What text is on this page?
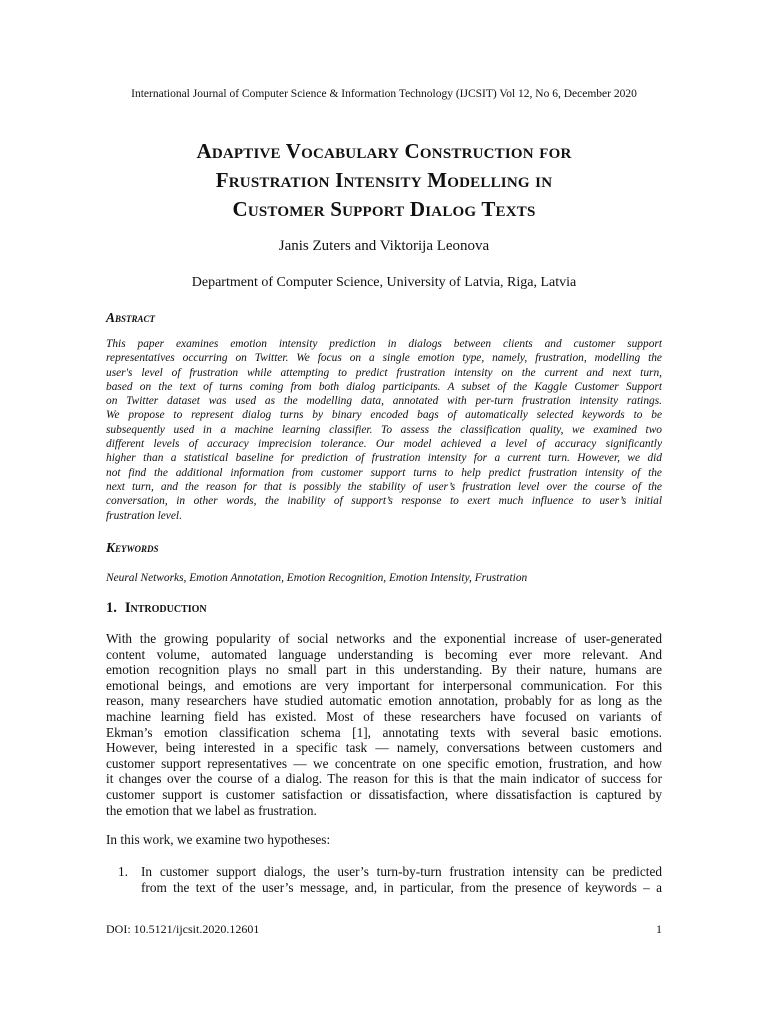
International Journal of Computer Science & Information Technology (IJCSIT) Vol 12, No 6, December 2020
Adaptive Vocabulary Construction for
Frustration Intensity Modelling in
Customer Support Dialog Texts
Janis Zuters and Viktorija Leonova
Department of Computer Science, University of Latvia, Riga, Latvia
Abstract
This paper examines emotion intensity prediction in dialogs between clients and customer support
representatives occurring on Twitter. We focus on a single emotion type, namely, frustration, modelling the
user's level of frustration while attempting to predict frustration intensity on the current and next turn,
based on the text of turns coming from both dialog participants. A subset of the Kaggle Customer Support
on Twitter dataset was used as the modelling data, annotated with per-turn frustration intensity ratings.
We propose to represent dialog turns by binary encoded bags of automatically selected keywords to be
subsequently used in a machine learning classifier. To assess the classification quality, we examined two
different levels of accuracy imprecision tolerance. Our model achieved a level of accuracy significantly
higher than a statistical baseline for prediction of frustration intensity for a current turn. However, we did
not find the additional information from customer support turns to help predict frustration intensity of the
next turn, and the reason for that is possibly the stability of user’s frustration level over the course of the
conversation, in other words, the inability of support’s response to exert much influence to user’s initial
frustration level.
Keywords
Neural Networks, Emotion Annotation, Emotion Recognition, Emotion Intensity, Frustration
1. Introduction
With the growing popularity of social networks and the exponential increase of user-generated
content volume, automated language understanding is becoming ever more relevant. And
emotion recognition plays no small part in this understanding. By their nature, humans are
emotional beings, and emotions are very important for interpersonal communication. For this
reason, many researchers have studied automatic emotion annotation, probably for as long as the
machine learning field has existed. Most of these researchers have focused on variants of
Ekman’s emotion classification schema [1], annotating texts with several basic emotions.
However, being interested in a specific task — namely, conversations between customers and
customer support representatives — we concentrate on one specific emotion, frustration, and how
it changes over the course of a dialog. The reason for this is that the main indicator of success for
customer support is customer satisfaction or dissatisfaction, where dissatisfaction is captured by
the emotion that we label as frustration.
In this work, we examine two hypotheses:
1. In customer support dialogs, the user’s turn-by-turn frustration intensity can be predicted
from the text of the user’s message, and, in particular, from the presence of keywords – a
DOI: 10.5121/ijcsit.2020.12601	1
